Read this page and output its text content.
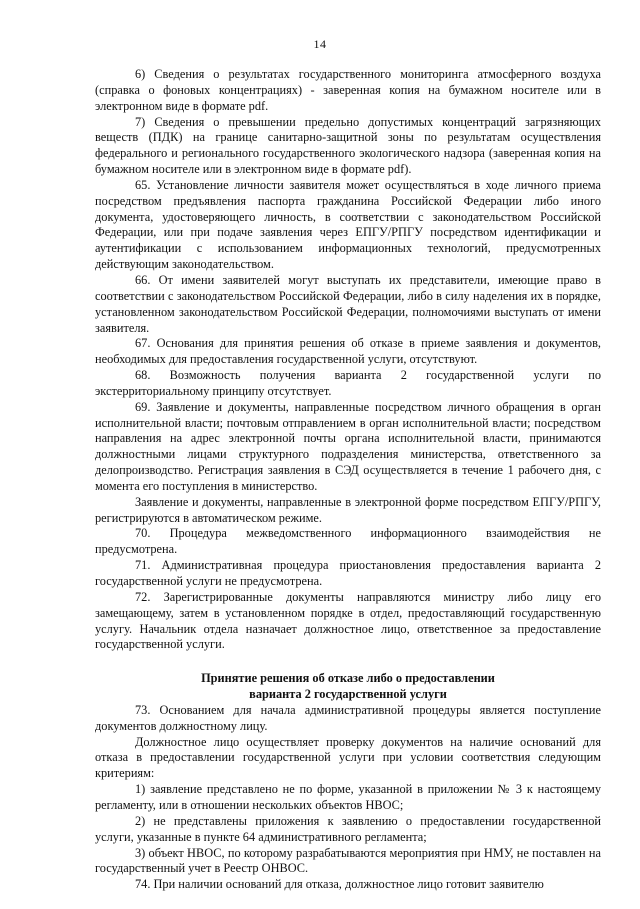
14

6) Сведения о результатах государственного мониторинга атмосферного воздуха (справка о фоновых концентрациях) - заверенная копия на бумажном носителе или в электронном виде в формате pdf.

7) Сведения о превышении предельно допустимых концентраций загрязняющих веществ (ПДК) на границе санитарно-защитной зоны по результатам осуществления федерального и регионального государственного экологического надзора (заверенная копия на бумажном носителе или в электронном виде в формате pdf).

65. Установление личности заявителя может осуществляться в ходе личного приема посредством предъявления паспорта гражданина Российской Федерации либо иного документа, удостоверяющего личность, в соответствии с законодательством Российской Федерации, или при подаче заявления через ЕПГУ/РПГУ посредством идентификации и аутентификации с использованием информационных технологий, предусмотренных действующим законодательством.

66. От имени заявителей могут выступать их представители, имеющие право в соответствии с законодательством Российской Федерации, либо в силу наделения их в порядке, установленном законодательством Российской Федерации, полномочиями выступать от имени заявителя.

67. Основания для принятия решения об отказе в приеме заявления и документов, необходимых для предоставления государственной услуги, отсутствуют.

68. Возможность получения варианта 2 государственной услуги по экстерриториальному принципу отсутствует.

69. Заявление и документы, направленные посредством личного обращения в орган исполнительной власти; почтовым отправлением в орган исполнительной власти; посредством направления на адрес электронной почты органа исполнительной власти, принимаются должностными лицами структурного подразделения министерства, ответственного за делопроизводство. Регистрация заявления в СЭД осуществляется в течение 1 рабочего дня, с момента его поступления в министерство.

Заявление и документы, направленные в электронной форме посредством ЕПГУ/РПГУ, регистрируются в автоматическом режиме.

70. Процедура межведомственного информационного взаимодействия не предусмотрена.

71. Административная процедура приостановления предоставления варианта 2 государственной услуги не предусмотрена.

72. Зарегистрированные документы направляются министру либо лицу его замещающему, затем в установленном порядке в отдел, предоставляющий государственную услугу. Начальник отдела назначает должностное лицо, ответственное за предоставление государственной услуги.

Принятие решения об отказе либо о предоставлении
варианта 2 государственной услуги

73. Основанием для начала административной процедуры является поступление документов должностному лицу.

Должностное лицо осуществляет проверку документов на наличие оснований для отказа в предоставлении государственной услуги при условии соответствия следующим критериям:

1) заявление представлено не по форме, указанной в приложении № 3 к настоящему регламенту, или в отношении нескольких объектов НВОС;

2) не представлены приложения к заявлению о предоставлении государственной услуги, указанные в пункте 64 административного регламента;

3) объект НВОС, по которому разрабатываются мероприятия при НМУ, не поставлен на государственный учет в Реестр ОНВОС.

74. При наличии оснований для отказа, должностное лицо готовит заявителю
